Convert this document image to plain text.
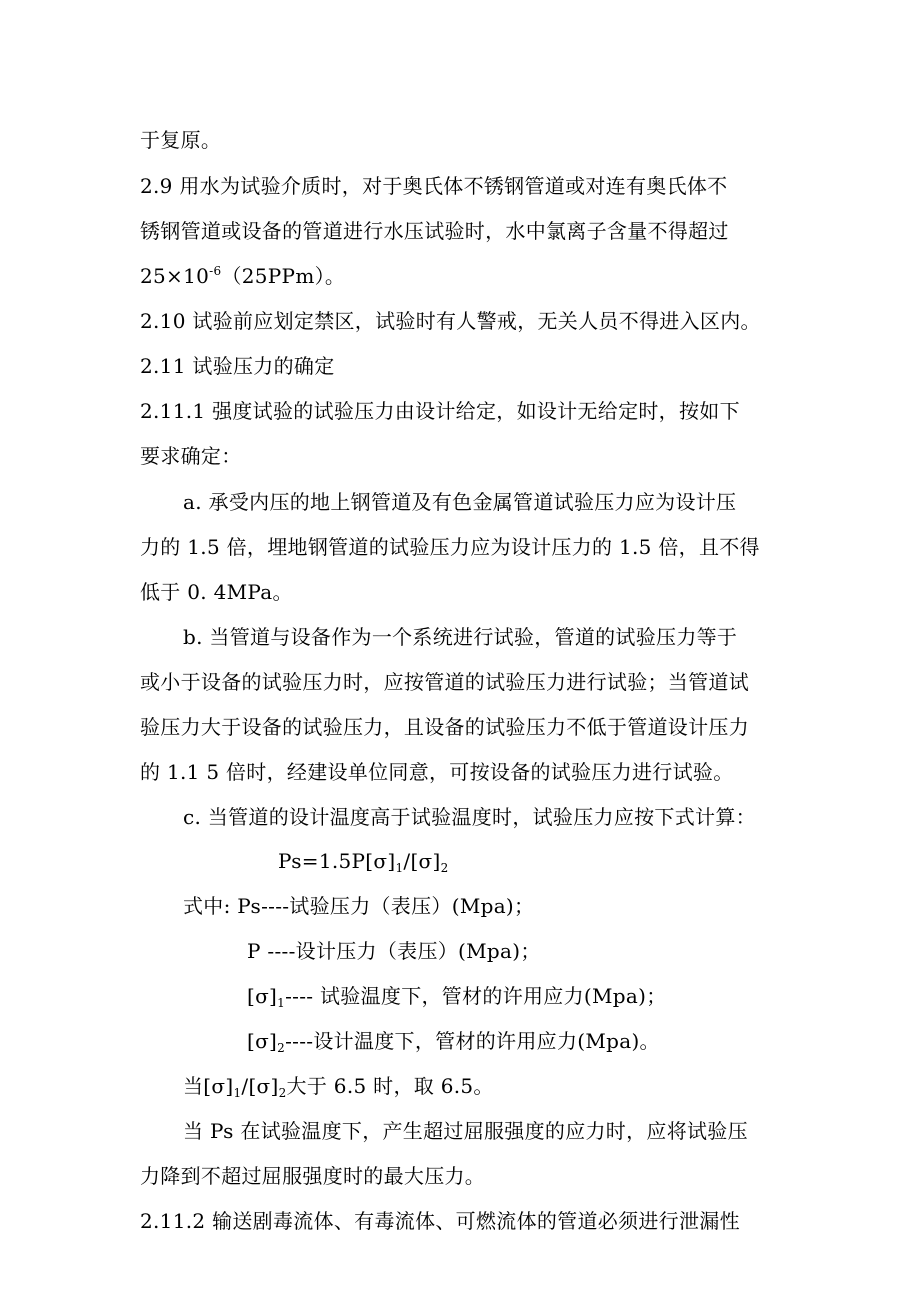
于复原。
2.9 用水为试验介质时，对于奥氏体不锈钢管道或对连有奥氏体不
锈钢管道或设备的管道进行水压试验时，水中氯离子含量不得超过
$25\times 10^{-6}(25PPm)$。
2.10 试验前应划定禁区，试验时有人警戒，无关人员不得进入区内。
2.11 试验压力的确定
2.11.1 强度试验的试验压力由设计给定，如设计无给定时，按如下
要求确定：
a. 承受内压的地上钢管道及有色金属管道试验压力应为设计压
力的 1.5 倍，埋地钢管道的试验压力应为设计压力的 1.5 倍，且不得
低于 0. 4MPa。
b. 当管道与设备作为一个系统进行试验，管道的试验压力等于
或小于设备的试验压力时，应按管道的试验压力进行试验；当管道试
验压力大于设备的试验压力，且设备的试验压力不低于管道设计压力
的 1.1 5 倍时，经建设单位同意，可按设备的试验压力进行试验。
c. 当管道的设计温度高于试验温度时，试验压力应按下式计算：
$Ps=1.5P[\sigma]_1/[\sigma]_2$
式中: Ps----试验压力（表压）(Mpa)；
P ----设计压力（表压）(Mpa)；
$[\sigma]_1----$ 试验温度下，管材的许用应力(Mpa)；
$[\sigma]_2----$设计温度下，管材的许用应力(Mpa)。
当$[\sigma]_1/[\sigma]_2$大于 6.5 时，取 6.5。
当 Ps 在试验温度下，产生超过屈服强度的应力时，应将试验压
力降到不超过屈服强度时的最大压力。
2.11.2 输送剧毒流体、有毒流体、可燃流体的管道必须进行泄漏性
